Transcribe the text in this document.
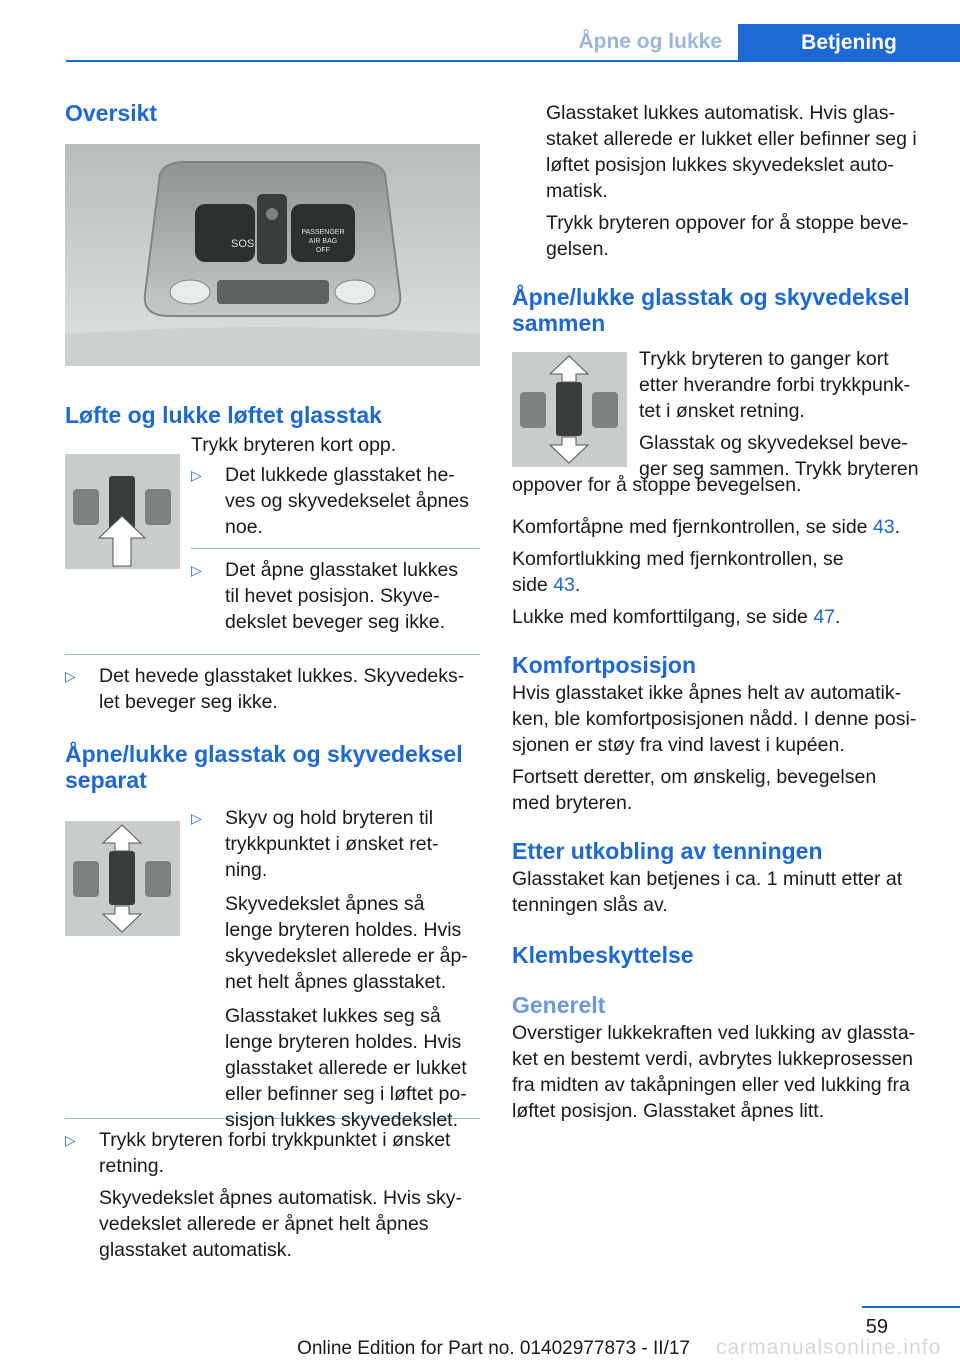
Åpne og lukke	Betjening
Oversikt
SOS
PASSENGER
AIR BAG
OFF
Løfte og lukke løftet glasstak

Trykk bryteren kort opp.

▷ Det lukkede glasstaket he‐

ves og skyvedekselet åpnes

noe.

▷ Det åpne glasstaket lukkes

til hevet posisjon. Skyve‐

dekslet beveger seg ikke.

▷ Det hevede glasstaket lukkes. Skyvedeks‐

let beveger seg ikke.

Åpne/lukke glasstak og skyvedeksel
separat
▷ Skyv og hold bryteren til

trykkpunktet i ønsket ret‐

ning.

Skyvedekslet åpnes så

lenge bryteren holdes. Hvis

skyvedekslet allerede er åp‐

net helt åpnes glasstaket.

Glasstaket lukkes seg så

lenge bryteren holdes. Hvis

glasstaket allerede er lukket

eller befinner seg i løftet po‐

sisjon lukkes skyvedekslet.

▷ Trykk bryteren forbi trykkpunktet i ønsket

retning.

Skyvedekslet åpnes automatisk. Hvis sky‐

vedekslet allerede er åpnet helt åpnes

glasstaket automatisk.

Glasstaket lukkes automatisk. Hvis glas‐

staket allerede er lukket eller befinner seg i

løftet posisjon lukkes skyvedekslet auto‐

matisk.

Trykk bryteren oppover for å stoppe beve‐

gelsen.

Åpne/lukke glasstak og skyvedeksel
sammen

Trykk bryteren to ganger kort

etter hverandre forbi trykkpunk‐

tet i ønsket retning.

Glasstak og skyvedeksel beve‐

ger seg sammen. Trykk bryteren

oppover for å stoppe bevegelsen.

Komfortåpne med fjernkontrollen, se side 43.

Komfortlukking med fjernkontrollen, se

side 43.

Lukke med komforttilgang, se side 47.

Komfortposisjon

Hvis glasstaket ikke åpnes helt av automatik‐

ken, ble komfortposisjonen nådd. I denne posi‐

sjonen er støy fra vind lavest i kupéen.

Fortsett deretter, om ønskelig, bevegelsen

med bryteren.

Etter utkobling av tenningen

Glasstaket kan betjenes i ca. 1 minutt etter at

tenningen slås av.

Klembeskyttelse
Generelt

Overstiger lukkekraften ved lukking av glassta‐

ket en bestemt verdi, avbrytes lukkeprosessen

fra midten av takåpningen eller ved lukking fra

løftet posisjon. Glasstaket åpnes litt.

59
carmanualsonline.info
Online Edition for Part no. 01402977873 - II/17
